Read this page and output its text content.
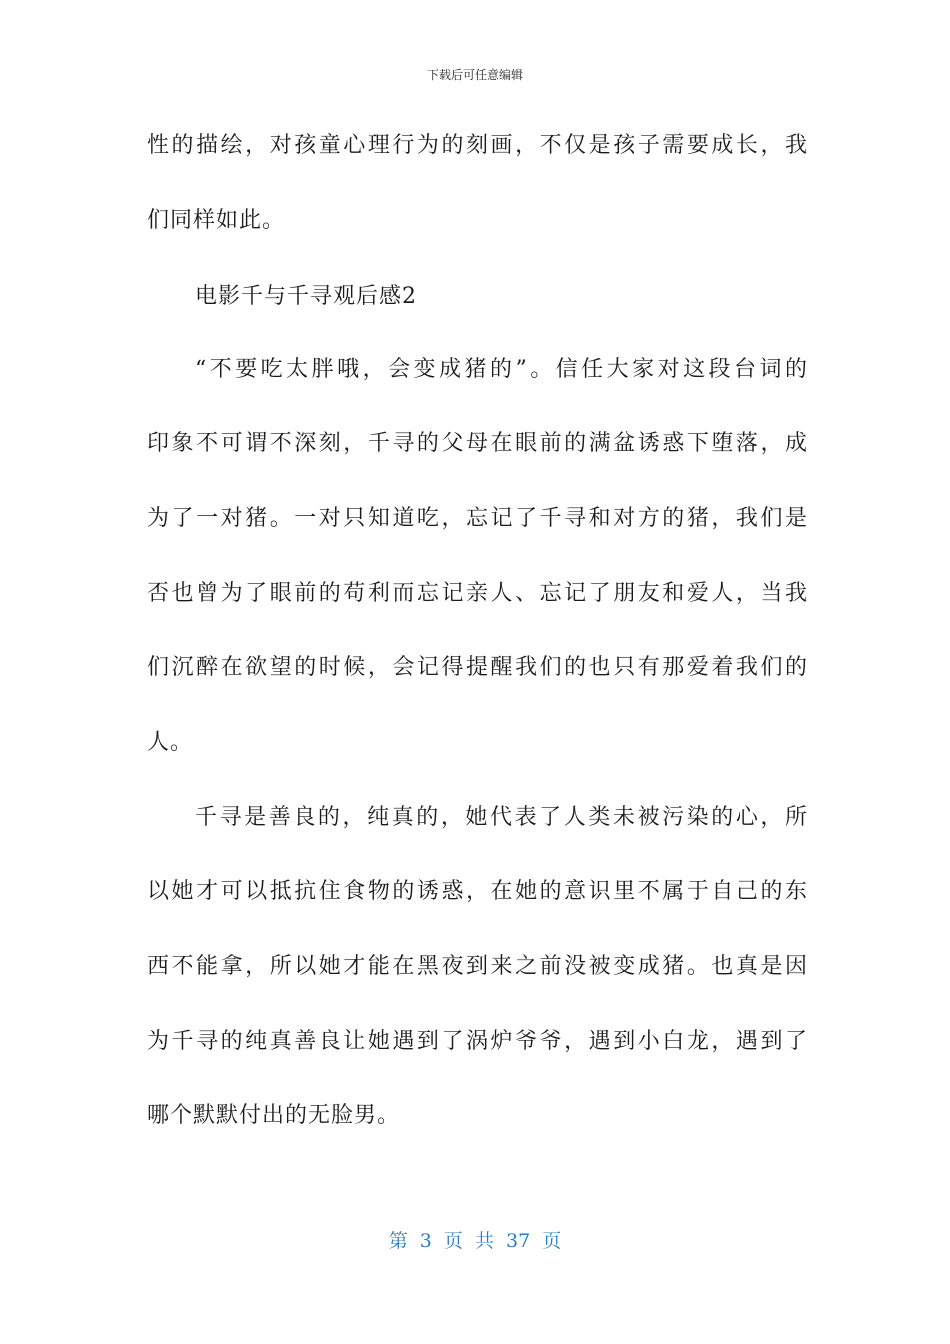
下载后可任意编辑
性的描绘，对孩童心理行为的刻画，不仅是孩子需要成长，我
们同样如此。
电影千与千寻观后感2
“不要吃太胖哦，会变成猪的”。信任大家对这段台词的
印象不可谓不深刻，千寻的父母在眼前的满盆诱惑下堕落，成
为了一对猪。一对只知道吃，忘记了千寻和对方的猪，我们是
否也曾为了眼前的苟利而忘记亲人、忘记了朋友和爱人，当我
们沉醉在欲望的时候，会记得提醒我们的也只有那爱着我们的
人。
千寻是善良的，纯真的，她代表了人类未被污染的心，所
以她才可以抵抗住食物的诱惑，在她的意识里不属于自己的东
西不能拿，所以她才能在黑夜到来之前没被变成猪。也真是因
为千寻的纯真善良让她遇到了涡炉爷爷，遇到小白龙，遇到了
哪个默默付出的无脸男。
第 3 页 共 37 页
